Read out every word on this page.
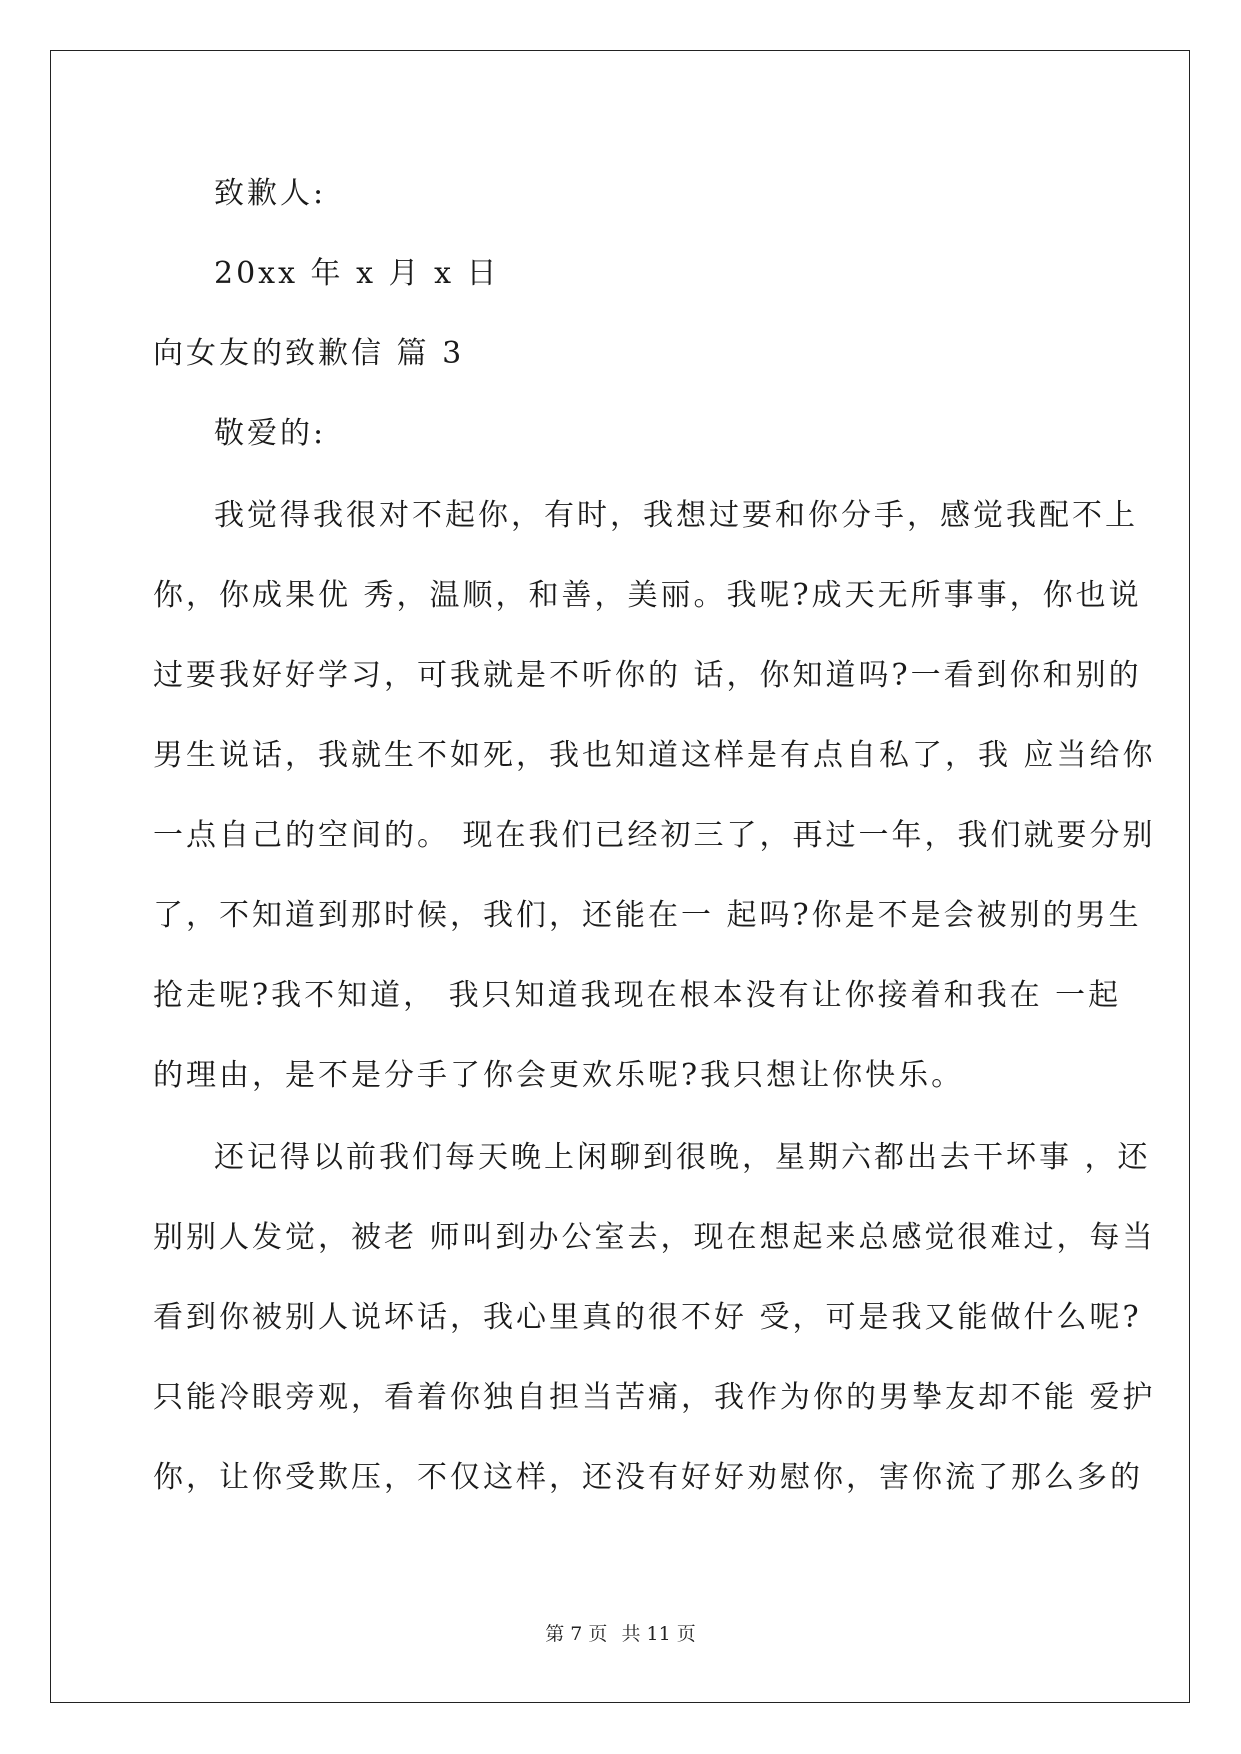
致歉人:
20xx 年 x 月 x 日
向女友的致歉信 篇 3
敬爱的:
我觉得我很对不起你，有时，我想过要和你分手，感觉我配不上
你，你成果优 秀，温顺，和善，美丽。我呢?成天无所事事，你也说
过要我好好学习，可我就是不听你的 话，你知道吗?一看到你和别的
男生说话，我就生不如死，我也知道这样是有点自私了，我 应当给你
一点自己的空间的。 现在我们已经初三了，再过一年，我们就要分别
了，不知道到那时候，我们，还能在一 起吗?你是不是会被别的男生
抢走呢?我不知道， 我只知道我现在根本没有让你接着和我在 一起
的理由，是不是分手了你会更欢乐呢?我只想让你快乐。
还记得以前我们每天晚上闲聊到很晚，星期六都出去干坏事 ，还
别别人发觉，被老 师叫到办公室去，现在想起来总感觉很难过，每当
看到你被别人说坏话，我心里真的很不好 受，可是我又能做什么呢?
只能冷眼旁观，看着你独自担当苦痛，我作为你的男挚友却不能 爱护
你，让你受欺压，不仅这样，还没有好好劝慰你，害你流了那么多的
第 7 页 共 11 页
